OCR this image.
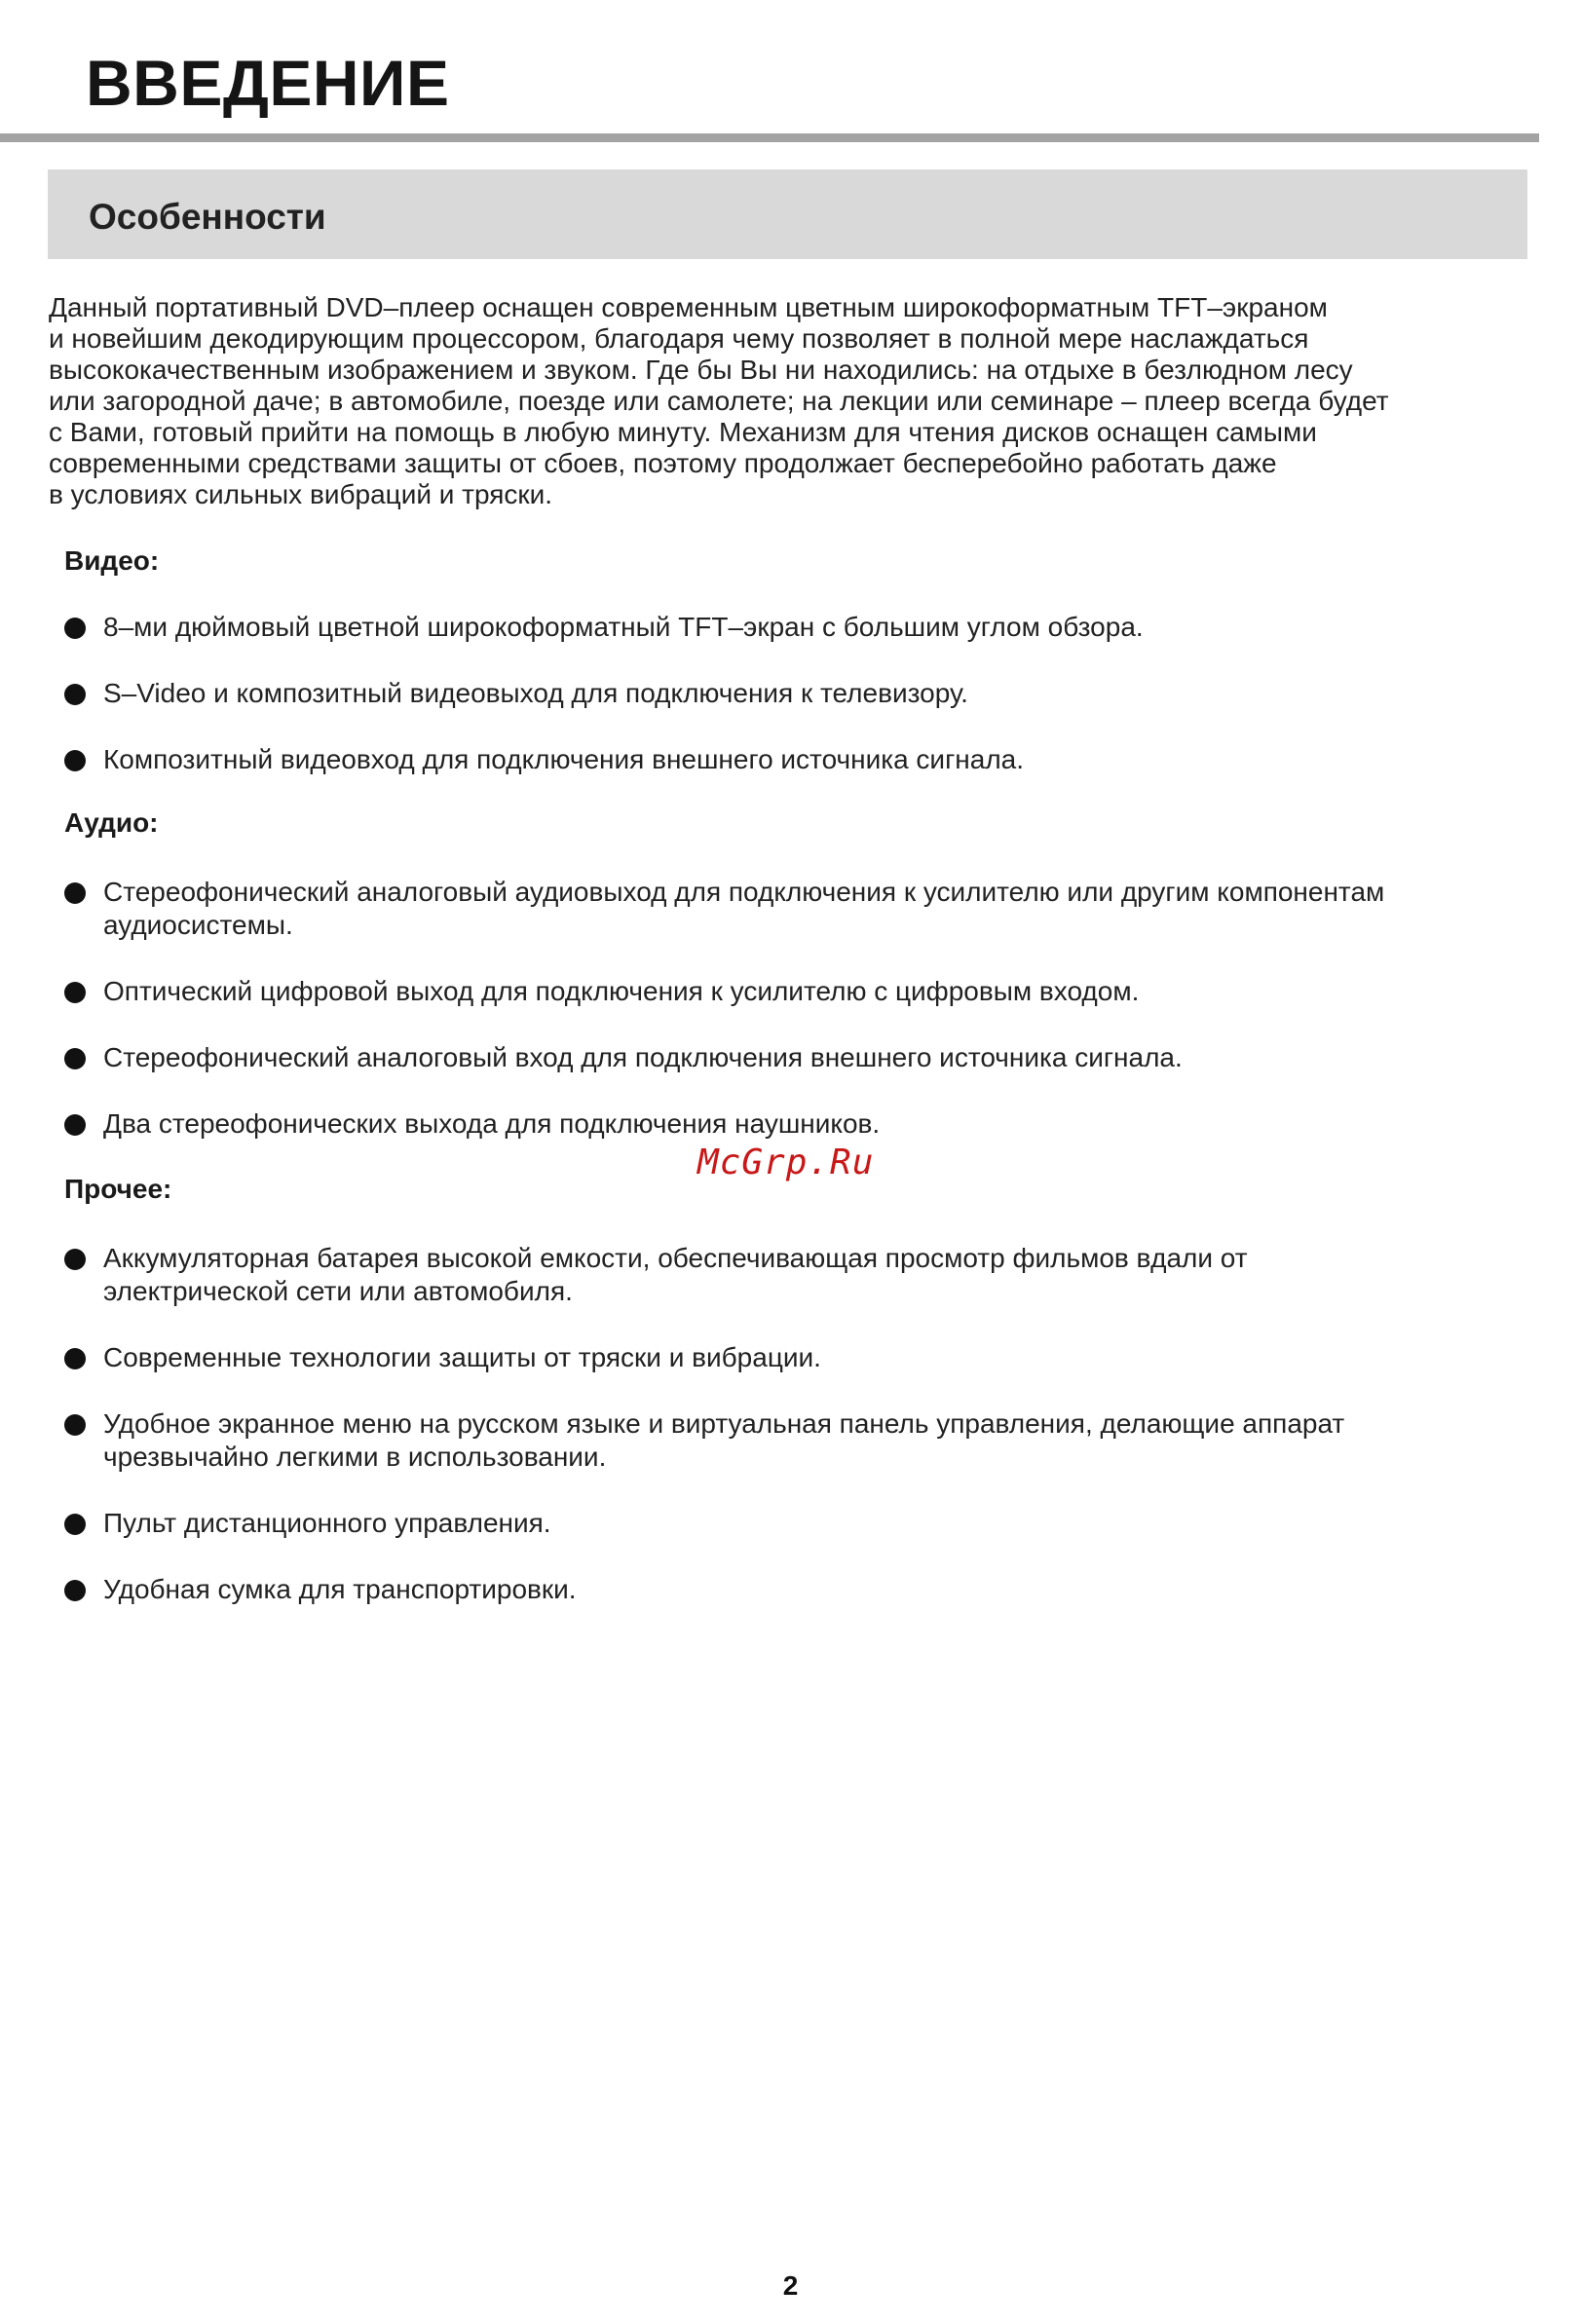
ВВЕДЕНИЕ
Особенности

Данный портативный DVD–плеер оснащен современным цветным широкоформатным TFT–экраном
и новейшим декодирующим процессором, благодаря чему позволяет в полной мере наслаждаться
высококачественным изображением и звуком. Где бы Вы ни находились: на отдыхе в безлюдном лесу
или загородной даче; в автомобиле, поезде или самолете; на лекции или семинаре – плеер всегда будет
с Вами, готовый прийти на помощь в любую минуту. Механизм для чтения дисков оснащен самыми
современными средствами защиты от сбоев, поэтому продолжает бесперебойно работать даже
в условиях сильных вибраций и тряски.

Видео:
8–ми дюймовый цветной широкоформатный TFT–экран с большим углом обзора.
S–Video и композитный видеовыход для подключения к телевизору.
Композитный видеовход для подключения внешнего источника сигнала.
Аудио:
Стереофонический аналоговый аудиовыход для подключения к усилителю или другим компонентам
аудиосистемы.
Оптический цифровой выход для подключения к усилителю с цифровым входом.
Стереофонический аналоговый вход для подключения внешнего источника сигнала.
Два стереофонических выхода для подключения наушников.
Прочее:
Аккумуляторная батарея высокой емкости, обеспечивающая просмотр фильмов вдали от
электрической сети или автомобиля.
Современные технологии защиты от тряски и вибрации.
Удобное экранное меню на русском языке и виртуальная панель управления, делающие аппарат
чрезвычайно легкими в использовании.
Пульт дистанционного управления.
Удобная сумка для транспортировки.
McGrp.Ru
2
